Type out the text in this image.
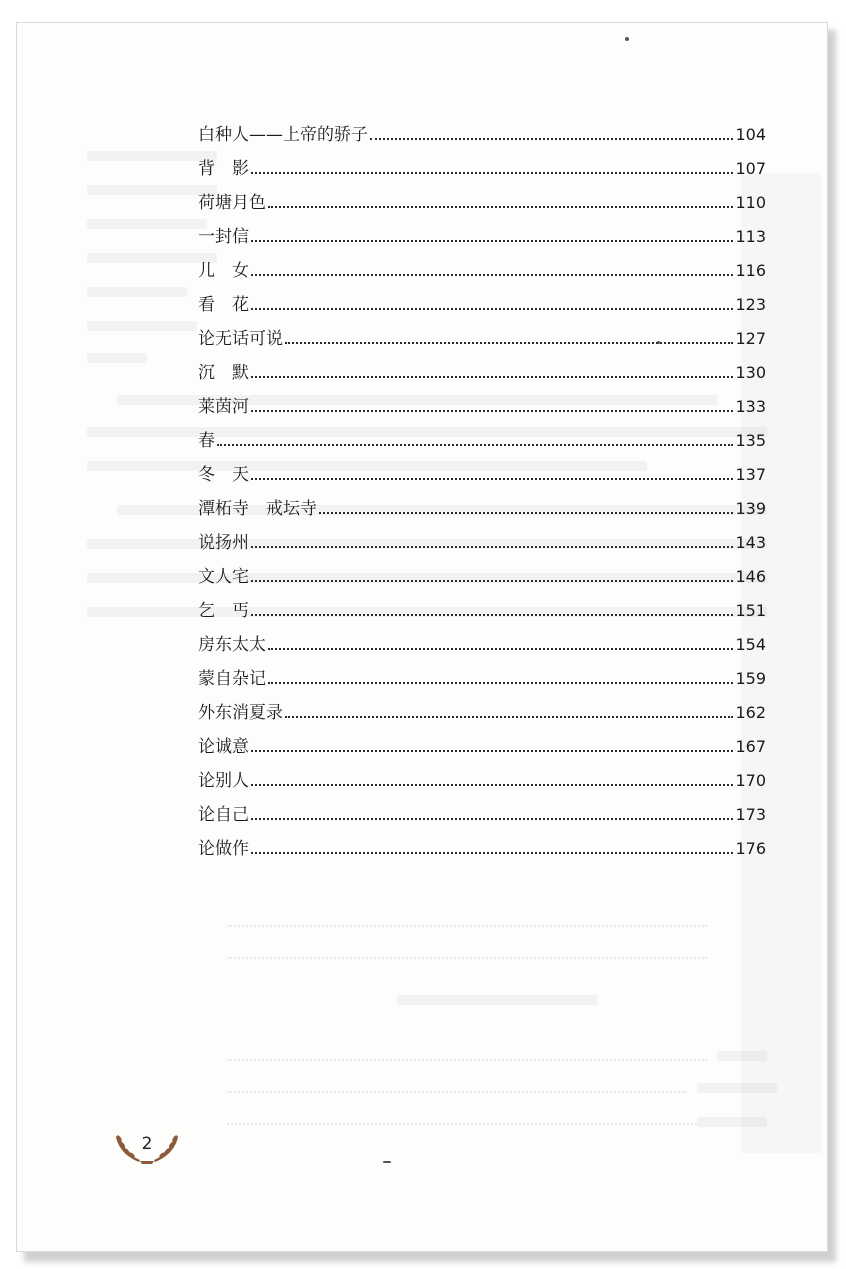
白种人——上帝的骄子	104
背　影	107
荷塘月色	110
一封信	113
儿　女	116
看　花	123
论无话可说	127
沉　默	130
莱茵河	133
春	135
冬　天	137
潭柘寺　戒坛寺	139
说扬州	143
文人宅	146
乞　丐	151
房东太太	154
蒙自杂记	159
外东消夏录	162
论诚意	167
论别人	170
论自己	173
论做作	176
2
